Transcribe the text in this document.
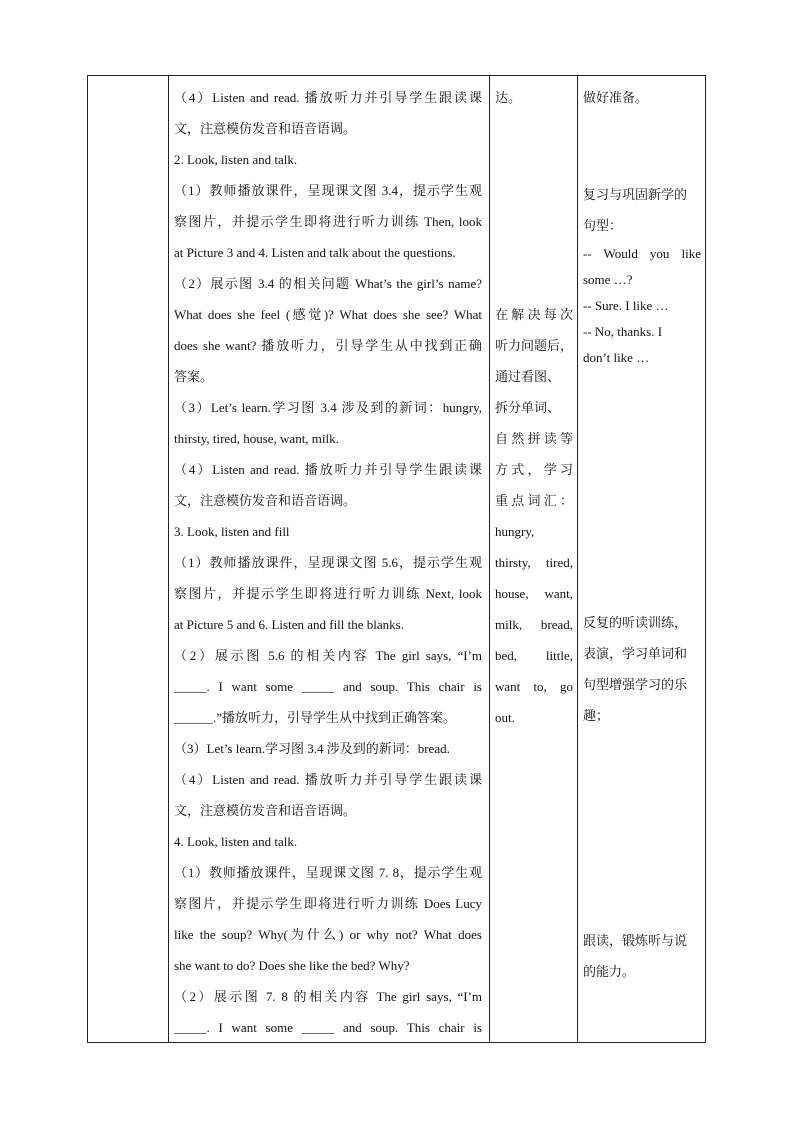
（4）Listen and read. 播放听力并引导学生跟读课
文，注意模仿发音和语音语调。
2. Look, listen and talk.
（1）教师播放课件，呈现课文图 3.4，提示学生观
察图片，并提示学生即将进行听力训练 Then, look
at Picture 3 and 4. Listen and talk about the questions.
（2）展示图 3.4 的相关问题 What’s the girl’s name?
What does she feel (感觉)? What does she see? What
does she want? 播放听力，引导学生从中找到正确
答案。
（3）Let’s learn.学习图 3.4 涉及到的新词：hungry,
thirsty, tired, house, want, milk.
（4）Listen and read. 播放听力并引导学生跟读课
文，注意模仿发音和语音语调。
3. Look, listen and fill
（1）教师播放课件，呈现课文图 5.6，提示学生观
察图片，并提示学生即将进行听力训练 Next, look
at Picture 5 and 6. Listen and fill the blanks.
（2）展示图 5.6 的相关内容 The girl says, “I’m
_____. I want some _____ and soup. This chair is
______.”播放听力，引导学生从中找到正确答案。
（3）Let’s learn.学习图 3.4 涉及到的新词：bread.
（4）Listen and read. 播放听力并引导学生跟读课
文，注意模仿发音和语音语调。
4. Look, listen and talk.
（1）教师播放课件，呈现课文图 7. 8，提示学生观
察图片，并提示学生即将进行听力训练 Does Lucy
like the soup? Why(为什么) or why not? What does
she want to do? Does she like the bed? Why?
（2）展示图 7. 8 的相关内容 The girl says, “I’m
_____. I want some _____ and soup. This chair is
达。
在解决每次
听力问题后，
通过看图、
拆分单词、
自然拼读等
方式，学习
重点词汇：
hungry,
thirsty, tired,
house, want,
milk, bread,
bed, little,
want to, go
out.
做好准备。
复习与巩固新学的
句型：
-- Would you like
some …?
-- Sure. I like …
-- No, thanks. I
don’t like …
反复的听读训练，
表演，学习单词和
句型增强学习的乐
趣；
跟读，锻炼听与说
的能力。
